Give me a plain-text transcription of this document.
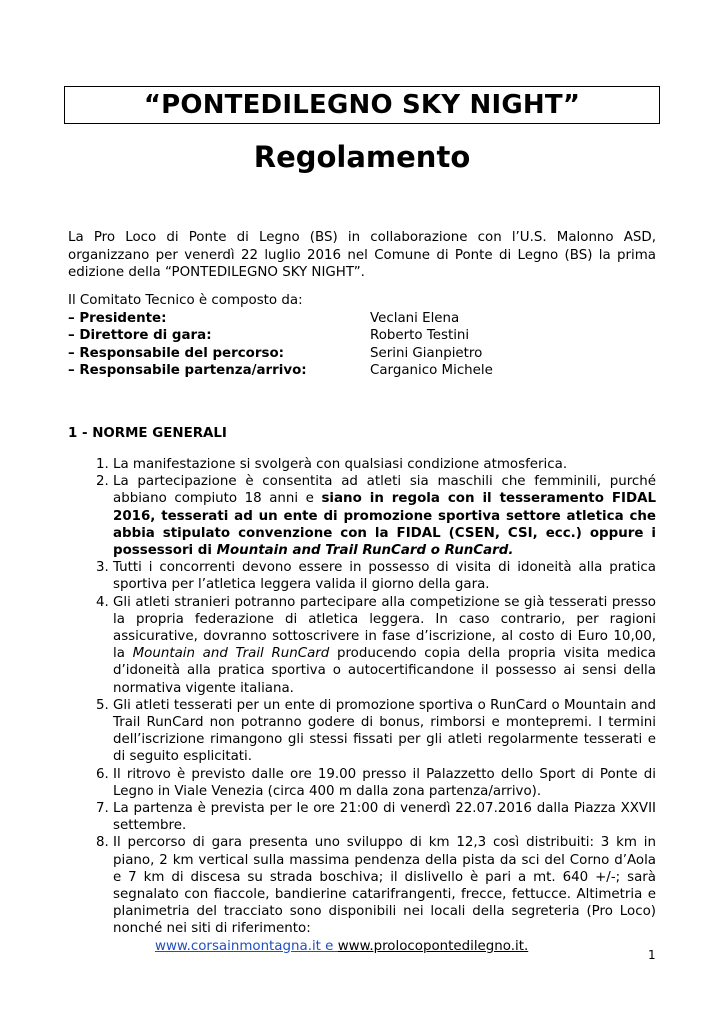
“PONTEDILEGNO SKY NIGHT”
Regolamento

La Pro Loco di Ponte di Legno (BS) in collaborazione con l’U.S. Malonno ASD, organizzano per venerdì 22 luglio 2016 nel Comune di Ponte di Legno (BS) la prima edizione della “PONTEDILEGNO SKY NIGHT”.

Il Comitato Tecnico è composto da:
– Presidente:	Veclani Elena
– Direttore di gara:	Roberto Testini
– Responsabile del percorso:	Serini Gianpietro
– Responsabile partenza/arrivo:	Carganico Michele
1 - NORME GENERALI
1. La manifestazione si svolgerà con qualsiasi condizione atmosferica.
2. La partecipazione è consentita ad atleti sia maschili che femminili, purché abbiano compiuto 18 anni e siano in regola con il tesseramento FIDAL 2016, tesserati ad un ente di promozione sportiva settore atletica che abbia stipulato convenzione con la FIDAL (CSEN, CSI, ecc.) oppure i possessori di Mountain and Trail RunCard o RunCard.
3. Tutti i concorrenti devono essere in possesso di visita di idoneità alla pratica sportiva per l’atletica leggera valida il giorno della gara.
4. Gli atleti stranieri potranno partecipare alla competizione se già tesserati presso la propria federazione di atletica leggera. In caso contrario, per ragioni assicurative, dovranno sottoscrivere in fase d’iscrizione, al costo di Euro 10,00, la Mountain and Trail RunCard producendo copia della propria visita medica d’idoneità alla pratica sportiva o autocertificandone il possesso ai sensi della normativa vigente italiana.
5. Gli atleti tesserati per un ente di promozione sportiva o RunCard o Mountain and Trail RunCard non potranno godere di bonus, rimborsi e montepremi. I termini dell’iscrizione rimangono gli stessi fissati per gli atleti regolarmente tesserati e di seguito esplicitati.
6. Il ritrovo è previsto dalle ore 19.00 presso il Palazzetto dello Sport di Ponte di Legno in Viale Venezia (circa 400 m dalla zona partenza/arrivo).
7. La partenza è prevista per le ore 21:00 di venerdì 22.07.2016 dalla Piazza XXVII settembre.
8. Il percorso di gara presenta uno sviluppo di km 12,3 così distribuiti: 3 km in piano, 2 km vertical sulla massima pendenza della pista da sci del Corno d’Aola e 7 km di discesa su strada boschiva; il dislivello è pari a mt. 640 +/-; sarà segnalato con fiaccole, bandierine catarifrangenti, frecce, fettucce. Altimetria e planimetria del tracciato sono disponibili nei locali della segreteria (Pro Loco) nonché nei siti di riferimento:
www.corsainmontagna.it e www.prolocopontedilegno.it.
1
